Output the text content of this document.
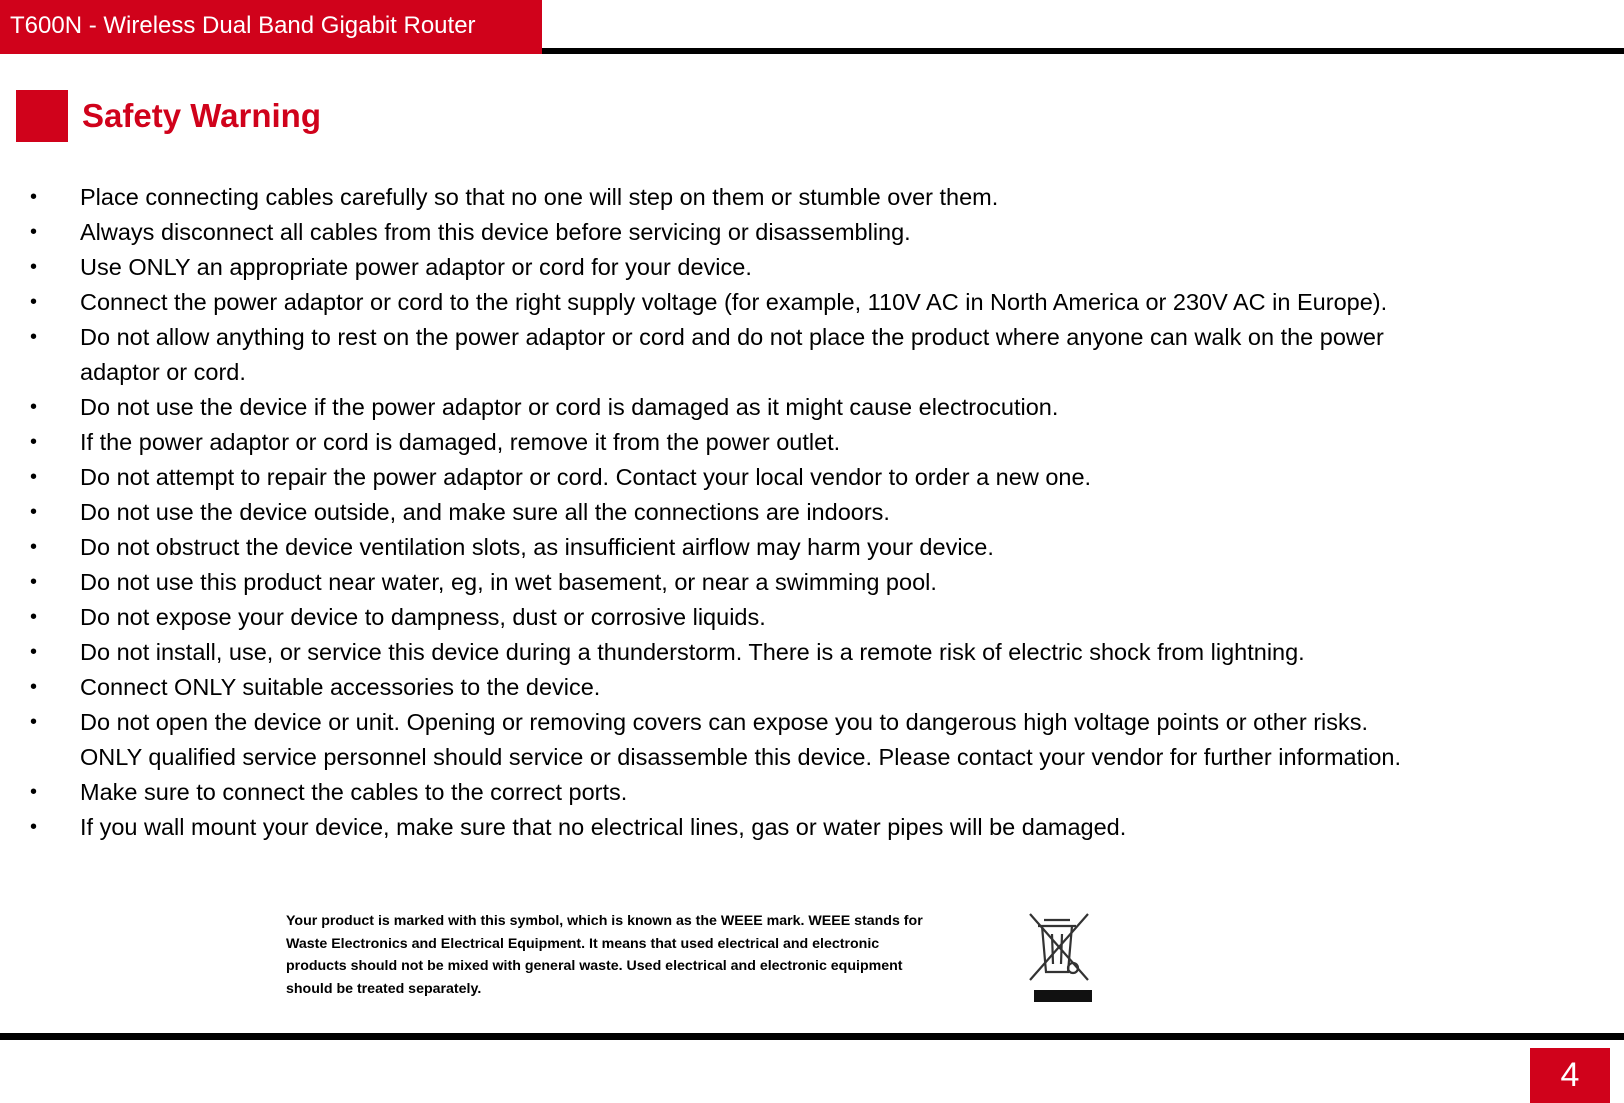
T600N - Wireless Dual Band Gigabit Router
Safety Warning
• Place connecting cables carefully so that no one will step on them or stumble over them.
• Always disconnect all cables from this device before servicing or disassembling.
• Use ONLY an appropriate power adaptor or cord for your device.
• Connect the power adaptor or cord to the right supply voltage (for example, 110V AC in North America or 230V AC in Europe).
• Do not allow anything to rest on the power adaptor or cord and do not place the product where anyone can walk on the power
adaptor or cord.
• Do not use the device if the power adaptor or cord is damaged as it might cause electrocution.
• If the power adaptor or cord is damaged, remove it from the power outlet.
• Do not attempt to repair the power adaptor or cord. Contact your local vendor to order a new one.
• Do not use the device outside, and make sure all the connections are indoors.
• Do not obstruct the device ventilation slots, as insufficient airflow may harm your device.
• Do not use this product near water, eg, in wet basement, or near a swimming pool.
• Do not expose your device to dampness, dust or corrosive liquids.
• Do not install, use, or service this device during a thunderstorm. There is a remote risk of electric shock from lightning.
• Connect ONLY suitable accessories to the device.
• Do not open the device or unit. Opening or removing covers can expose you to dangerous high voltage points or other risks.
ONLY qualified service personnel should service or disassemble this device. Please contact your vendor for further information.
• Make sure to connect the cables to the correct ports.
• If you wall mount your device, make sure that no electrical lines, gas or water pipes will be damaged.
Your product is marked with this symbol, which is known as the WEEE mark. WEEE stands for
Waste Electronics and Electrical Equipment. It means that used electrical and electronic
products should not be mixed with general waste. Used electrical and electronic equipment
should be treated separately.
4
